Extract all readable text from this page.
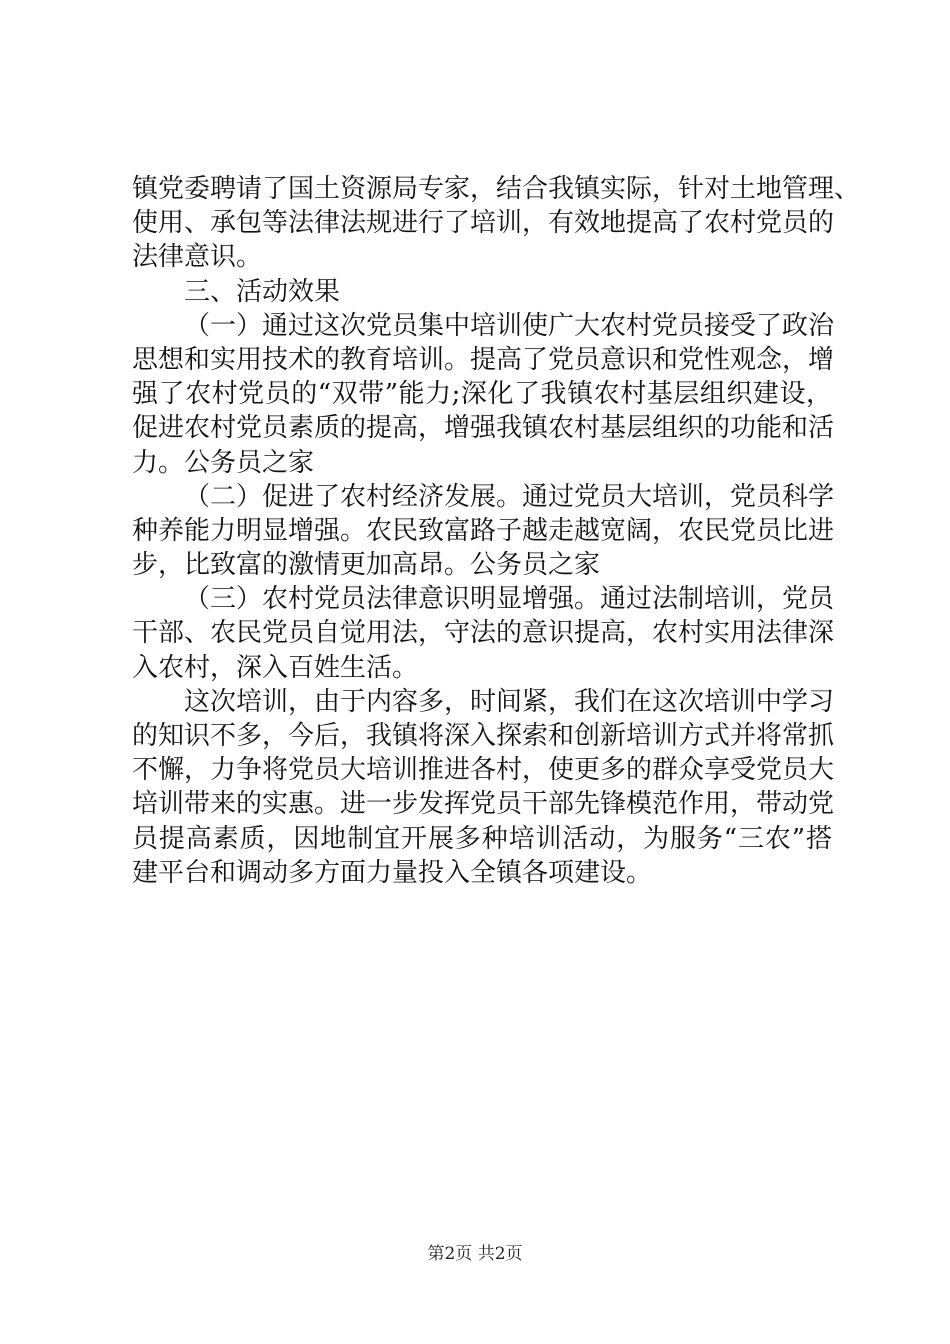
镇党委聘请了国土资源局专家，结合我镇实际，针对土地管理、
使用、承包等法律法规进行了培训，有效地提高了农村党员的
法律意识。
三、活动效果
（一）通过这次党员集中培训使广大农村党员接受了政治
思想和实用技术的教育培训。提高了党员意识和党性观念，增
强了农村党员的“双带”能力;深化了我镇农村基层组织建设，
促进农村党员素质的提高，增强我镇农村基层组织的功能和活
力。公务员之家
（二）促进了农村经济发展。通过党员大培训，党员科学
种养能力明显增强。农民致富路子越走越宽阔，农民党员比进
步，比致富的激情更加高昂。公务员之家
（三）农村党员法律意识明显增强。通过法制培训，党员
干部、农民党员自觉用法，守法的意识提高，农村实用法律深
入农村，深入百姓生活。
这次培训，由于内容多，时间紧，我们在这次培训中学习
的知识不多，今后，我镇将深入探索和创新培训方式并将常抓
不懈，力争将党员大培训推进各村，使更多的群众享受党员大
培训带来的实惠。进一步发挥党员干部先锋模范作用，带动党
员提高素质，因地制宜开展多种培训活动，为服务“三农”搭
建平台和调动多方面力量投入全镇各项建设。
第2页 共2页
